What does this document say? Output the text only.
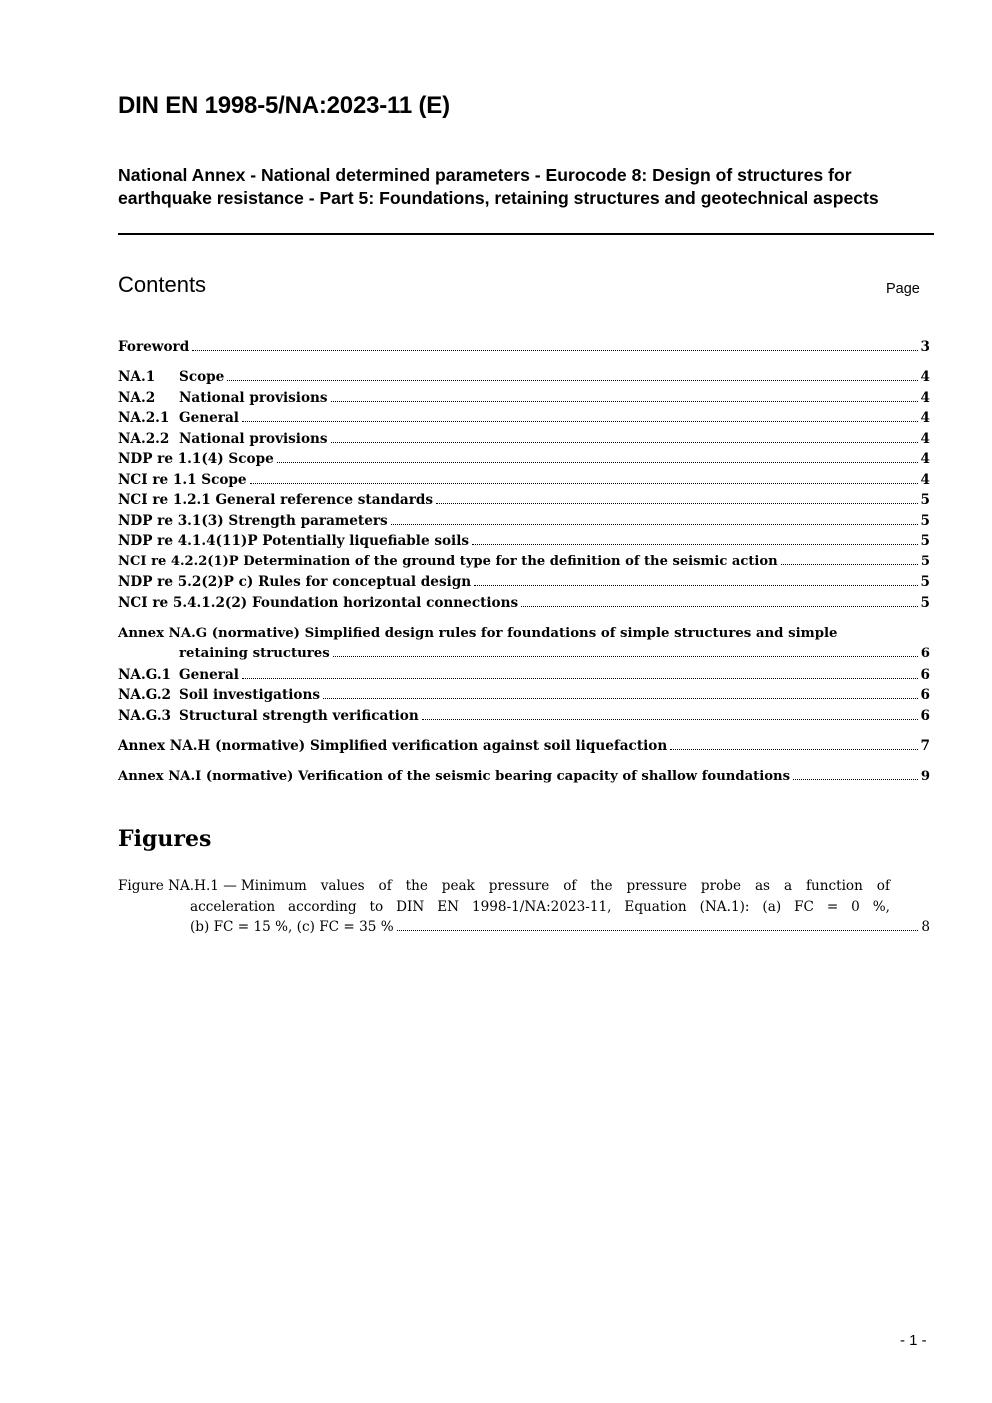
DIN EN 1998-5/NA:2023-11 (E)
National Annex - National determined parameters - Eurocode 8: Design of structures for earthquake resistance - Part 5: Foundations, retaining structures and geotechnical aspects
Contents	Page
Foreword	3
NA.1	Scope	4
NA.2	National provisions	4
NA.2.1 General	4
NA.2.2 National provisions	4
NDP re 1.1(4) Scope	4
NCI re 1.1 Scope	4
NCI re 1.2.1 General reference standards	5
NDP re 3.1(3) Strength parameters	5
NDP re 4.1.4(11)P Potentially liquefiable soils	5
NCI re 4.2.2(1)P Determination of the ground type for the definition of the seismic action	5
NDP re 5.2(2)P c) Rules for conceptual design	5
NCI re 5.4.1.2(2) Foundation horizontal connections	5
Annex NA.G (normative) Simplified design rules for foundations of simple structures and simple
retaining structures	6
NA.G.1 General	6
NA.G.2 Soil investigations	6
NA.G.3 Structural strength verification	6
Annex NA.H (normative) Simplified verification against soil liquefaction	7
Annex NA.I (normative) Verification of the seismic bearing capacity of shallow foundations	9
Figures
Figure NA.H.1 — Minimum values of the peak pressure of the pressure probe as a function of
acceleration according to DIN EN 1998-1/NA:2023-11, Equation (NA.1): (a) FC = 0 %,
(b) FC = 15 %, (c) FC = 35 %	8
- 1 -
